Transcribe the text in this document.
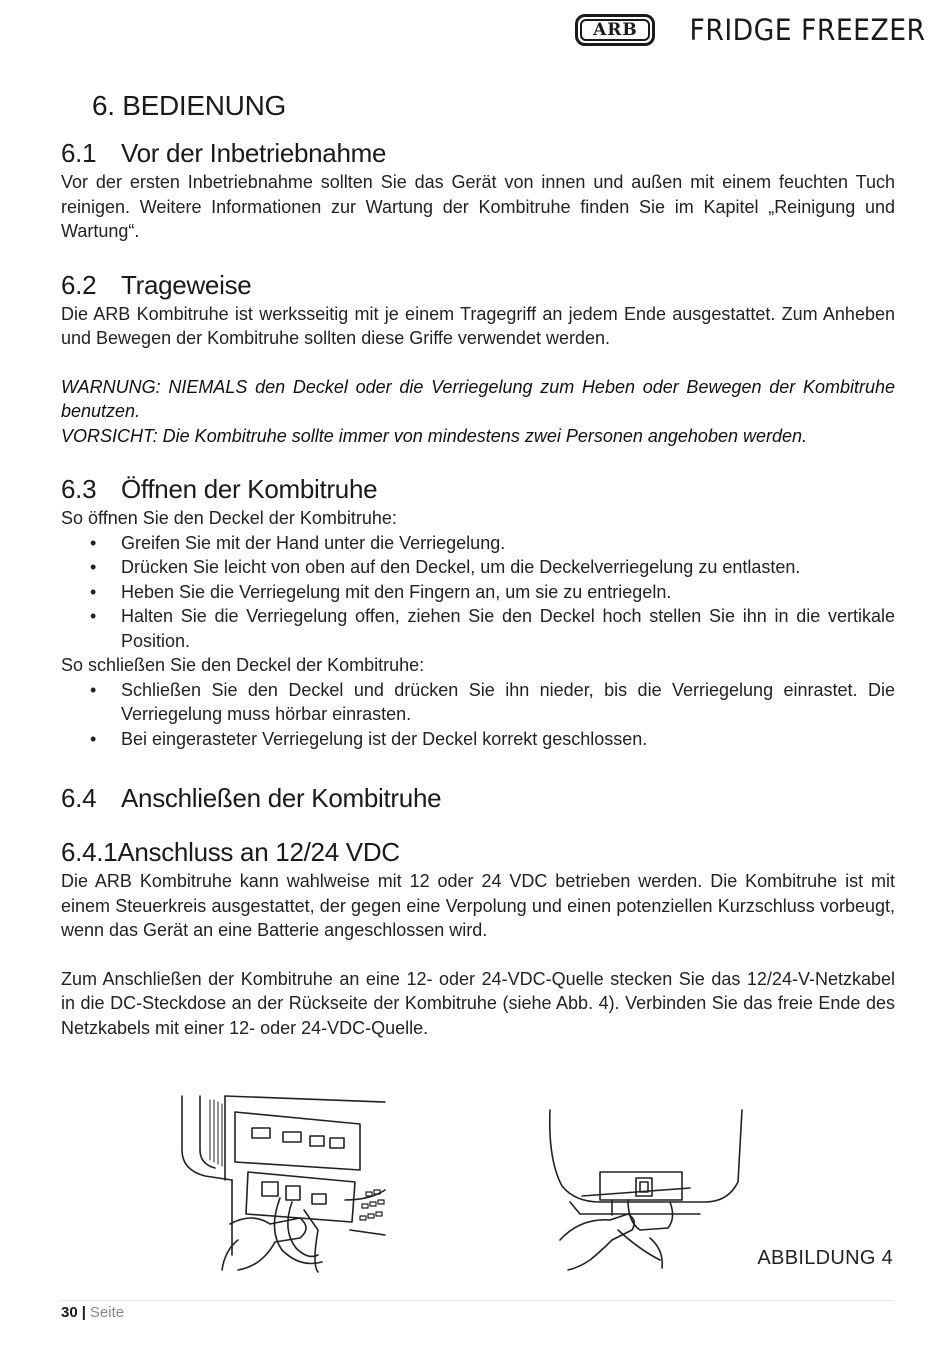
ARB	FRIDGE FREEZER
6. BEDIENUNG
6.1 Vor der Inbetriebnahme

Vor der ersten Inbetriebnahme sollten Sie das Gerät von innen und außen mit einem feuchten Tuch reinigen. Weitere Informationen zur Wartung der Kombitruhe finden Sie im Kapitel „Reinigung und Wartung“.

6.2 Trageweise

Die ARB Kombitruhe ist werksseitig mit je einem Tragegriff an jedem Ende ausgestattet. Zum Anheben und Bewegen der Kombitruhe sollten diese Griffe verwendet werden.

WARNUNG: NIEMALS den Deckel oder die Verriegelung zum Heben oder Bewegen der Kombitruhe benutzen.
VORSICHT: Die Kombitruhe sollte immer von mindestens zwei Personen angehoben werden.
6.3 Öffnen der Kombitruhe

So öffnen Sie den Deckel der Kombitruhe:

• Greifen Sie mit der Hand unter die Verriegelung.
• Drücken Sie leicht von oben auf den Deckel, um die Deckelverriegelung zu entlasten.
• Heben Sie die Verriegelung mit den Fingern an, um sie zu entriegeln.
• Halten Sie die Verriegelung offen, ziehen Sie den Deckel hoch stellen Sie ihn in die vertikale Position.

So schließen Sie den Deckel der Kombitruhe:

• Schließen Sie den Deckel und drücken Sie ihn nieder, bis die Verriegelung einrastet. Die Verriegelung muss hörbar einrasten.
• Bei eingerasteter Verriegelung ist der Deckel korrekt geschlossen.
6.4 Anschließen der Kombitruhe
6.4.1Anschluss an 12/24 VDC

Die ARB Kombitruhe kann wahlweise mit 12 oder 24 VDC betrieben werden. Die Kombitruhe ist mit einem Steuerkreis ausgestattet, der gegen eine Verpolung und einen potenziellen Kurzschluss vorbeugt, wenn das Gerät an eine Batterie angeschlossen wird.

Zum Anschließen der Kombitruhe an eine 12- oder 24-VDC-Quelle stecken Sie das 12/24-V-Netzkabel in die DC-Steckdose an der Rückseite der Kombitruhe (siehe Abb. 4). Verbinden Sie das freie Ende des Netzkabels mit einer 12- oder 24-VDC-Quelle.

ABBILDUNG 4
30 | Seite
